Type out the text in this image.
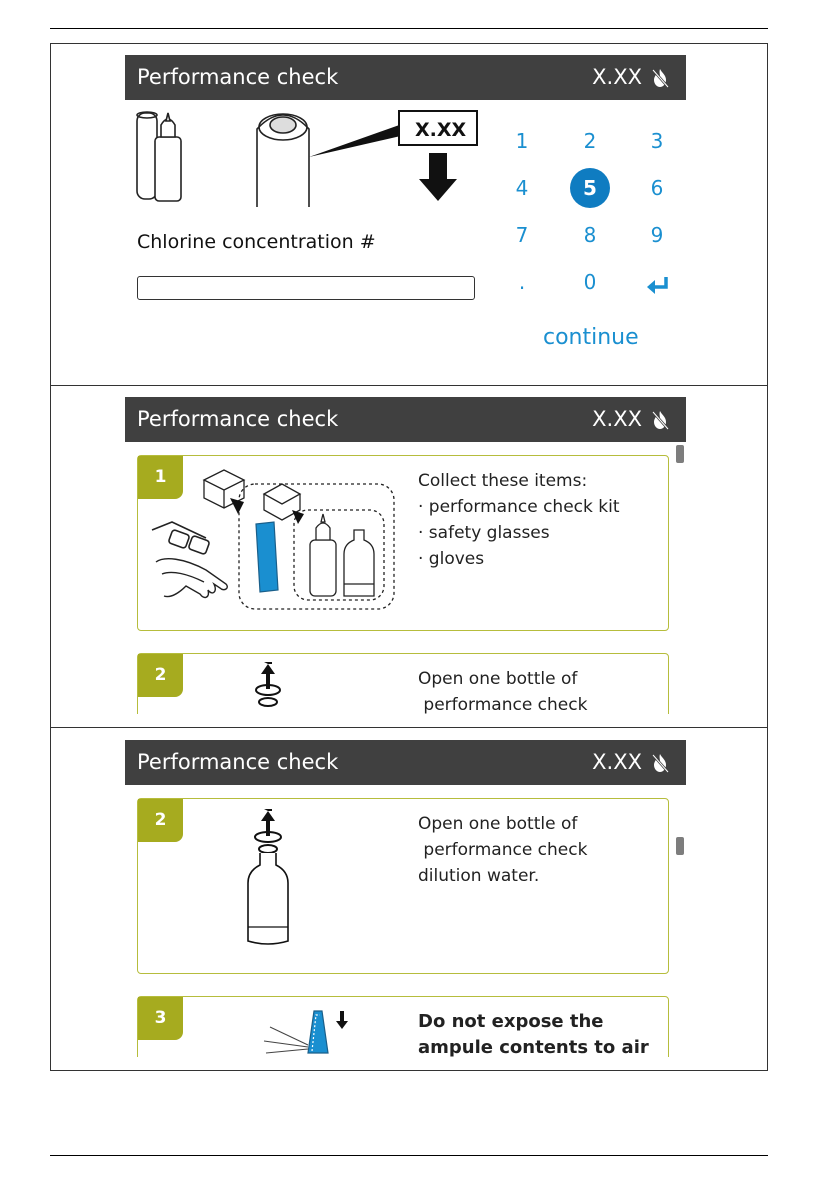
Performance check	X.XX
X.XX
Chlorine concentration #
1	2	3
4	5	6
7	8	9
.	0
continue
Performance check	X.XX
1	Collect these items:
· performance check kit
· safety glasses
· gloves
2	Open one bottle of
performance check
Performance check	X.XX
2	Open one bottle of
performance check
dilution water.
3	Do not expose the
ampule contents to air
